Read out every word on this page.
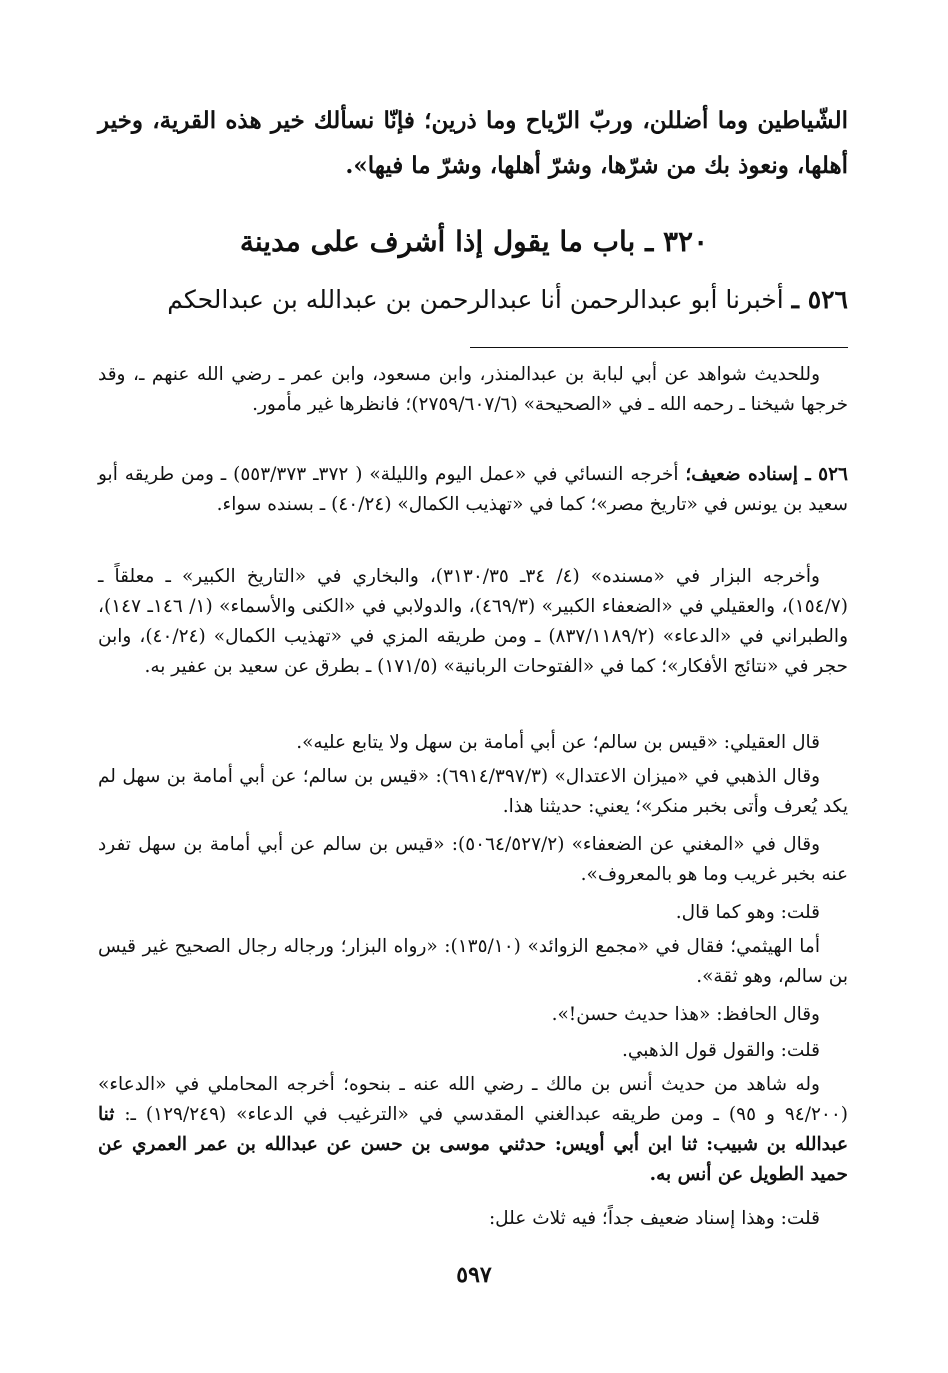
الشّياطين وما أضللن، وربّ الرّياح وما ذرين؛ فإنّا نسألك خير هذه القرية، وخير أهلها، ونعوذ بك من شرّها، وشرّ أهلها، وشرّ ما فيها».
٣٢٠ ـ باب ما يقول إذا أشرف على مدينة
٥٢٦ ـ أخبرنا أبو عبدالرحمن أنا عبدالرحمن بن عبدالله بن عبدالحكم
وللحديث شواهد عن أبي لبابة بن عبدالمنذر، وابن مسعود، وابن عمر ـ رضي الله عنهم ـ، وقد خرجها شيخنا ـ رحمه الله ـ في «الصحيحة» (٢٧٥٩/٦٠٧/٦)؛ فانظرها غير مأمور.
٥٢٦ ـ إسناده ضعيف؛ أخرجه النسائي في «عمل اليوم والليلة» ( ٣٧٢ـ ٥٥٣/٣٧٣) ـ ومن طريقه أبو سعيد بن يونس في «تاريخ مصر»؛ كما في «تهذيب الكمال» (٤٠/٢٤) ـ بسنده سواء.
وأخرجه البزار في «مسنده» (٤/ ٣٤ـ ٣١٣٠/٣٥)، والبخاري في «التاريخ الكبير» ـ معلقاً ـ (١٥٤/٧)، والعقيلي في «الضعفاء الكبير» (٤٦٩/٣)، والدولابي في «الكنى والأسماء» (١/ ١٤٦ـ ١٤٧)، والطبراني في «الدعاء» (٨٣٧/١١٨٩/٢) ـ ومن طريقه المزي في «تهذيب الكمال» (٤٠/٢٤)، وابن حجر في «نتائج الأفكار»؛ كما في «الفتوحات الربانية» (١٧١/٥) ـ بطرق عن سعيد بن عفير به.
قال العقيلي: «قيس بن سالم؛ عن أبي أمامة بن سهل ولا يتابع عليه».
وقال الذهبي في «ميزان الاعتدال» (٦٩١٤/٣٩٧/٣): «قيس بن سالم؛ عن أبي أمامة بن سهل لم يكد يُعرف وأتى بخبر منكر»؛ يعني: حديثنا هذا.
وقال في «المغني عن الضعفاء» (٥٠٦٤/٥٢٧/٢): «قيس بن سالم عن أبي أمامة بن سهل تفرد عنه بخبر غريب وما هو بالمعروف».
قلت: وهو كما قال.
أما الهيثمي؛ فقال في «مجمع الزوائد» (١٣٥/١٠): «رواه البزار؛ ورجاله رجال الصحيح غير قيس بن سالم، وهو ثقة».
وقال الحافظ: «هذا حديث حسن!».
قلت: والقول قول الذهبي.
وله شاهد من حديث أنس بن مالك ـ رضي الله عنه ـ بنحوه؛ أخرجه المحاملي في «الدعاء» (٩٤/٢٠٠ و ٩٥) ـ ومن طريقه عبدالغني المقدسي في «الترغيب في الدعاء» (١٢٩/٢٤٩) ـ: ثنا عبدالله بن شبيب: ثنا ابن أبي أويس: حدثني موسى بن حسن عن عبدالله بن عمر العمري عن حميد الطويل عن أنس به.
قلت: وهذا إسناد ضعيف جداً؛ فيه ثلاث علل:
٥٩٧
